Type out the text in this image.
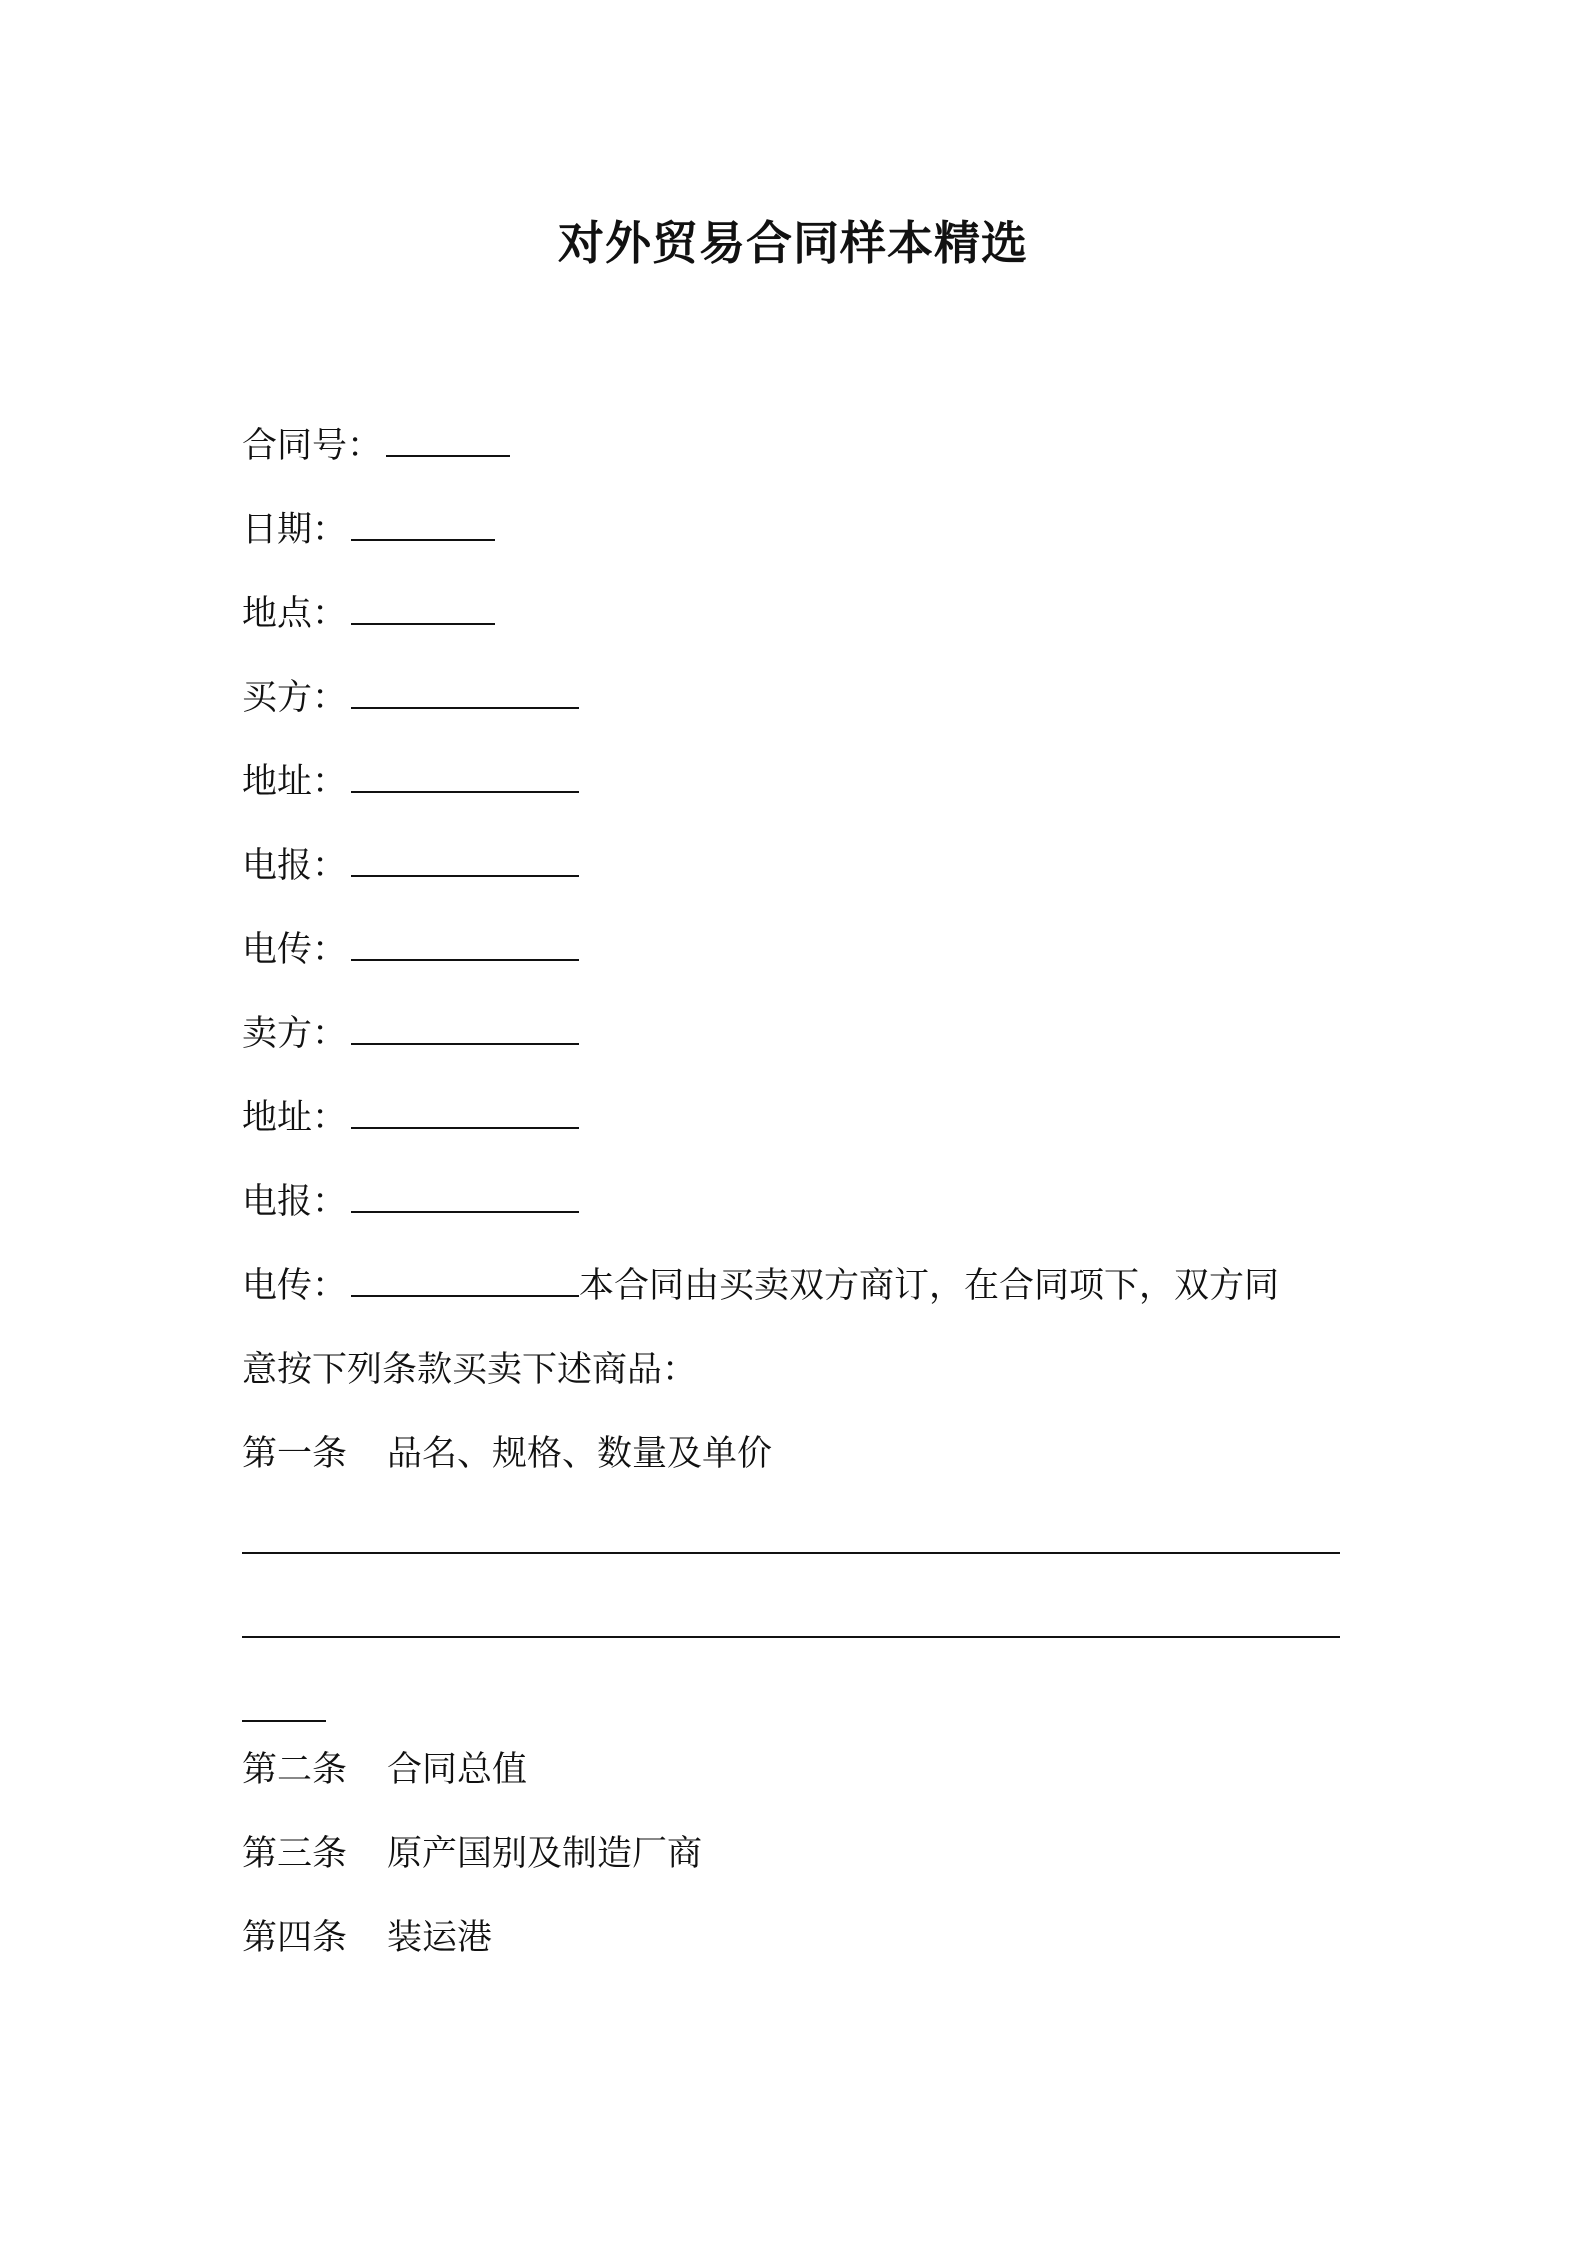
对外贸易合同样本精选
合同号：
日期：
地点：
买方：
地址：
电报：
电传：
卖方：
地址：
电报：
电传：	本合同由买卖双方商订，在合同项下，双方同
意按下列条款买卖下述商品：
第一条 品名、规格、数量及单价
第二条 合同总值
第三条 原产国别及制造厂商
第四条 装运港
